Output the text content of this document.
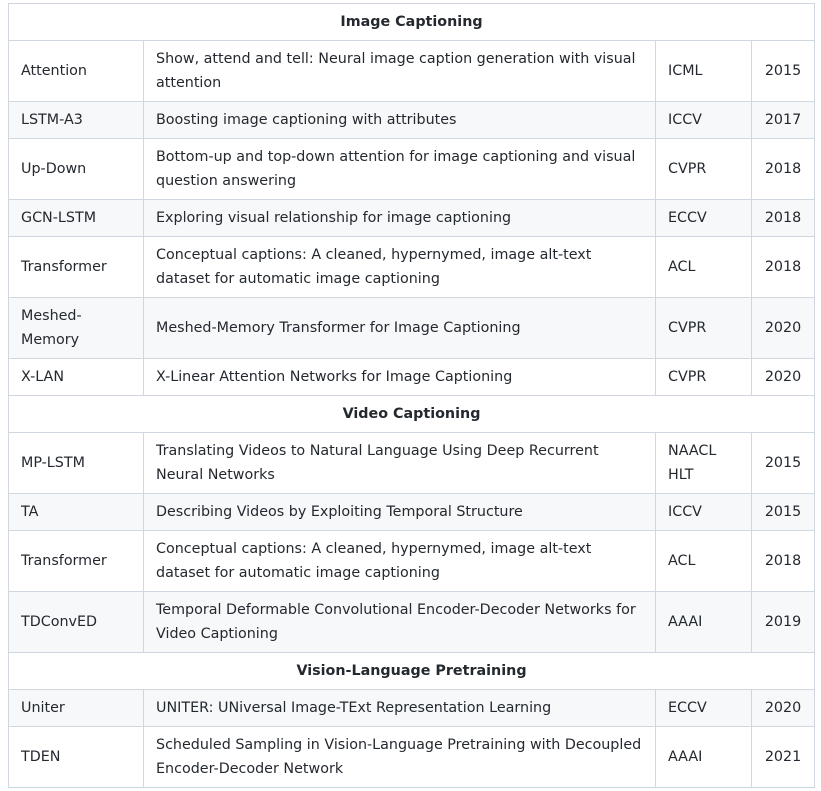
Image Captioning			
Attention	Show, attend and tell: Neural image caption generation with visual attention	ICML	2015
LSTM-A3	Boosting image captioning with attributes	ICCV	2017
Up-Down	Bottom-up and top-down attention for image captioning and visual question answering	CVPR	2018
GCN-LSTM	Exploring visual relationship for image captioning	ECCV	2018
Transformer	Conceptual captions: A cleaned, hypernymed, image alt-text dataset for automatic image captioning	ACL	2018
Meshed-Memory	Meshed-Memory Transformer for Image Captioning	CVPR	2020
X-LAN	X-Linear Attention Networks for Image Captioning	CVPR	2020
Video Captioning			
MP-LSTM	Translating Videos to Natural Language Using Deep Recurrent Neural Networks	NAACL HLT	2015
TA	Describing Videos by Exploiting Temporal Structure	ICCV	2015
Transformer	Conceptual captions: A cleaned, hypernymed, image alt-text dataset for automatic image captioning	ACL	2018
TDConvED	Temporal Deformable Convolutional Encoder-Decoder Networks for Video Captioning	AAAI	2019
Vision-Language Pretraining			
Uniter	UNITER: UNiversal Image-TExt Representation Learning	ECCV	2020
TDEN	Scheduled Sampling in Vision-Language Pretraining with Decoupled Encoder-Decoder Network	AAAI	2021
